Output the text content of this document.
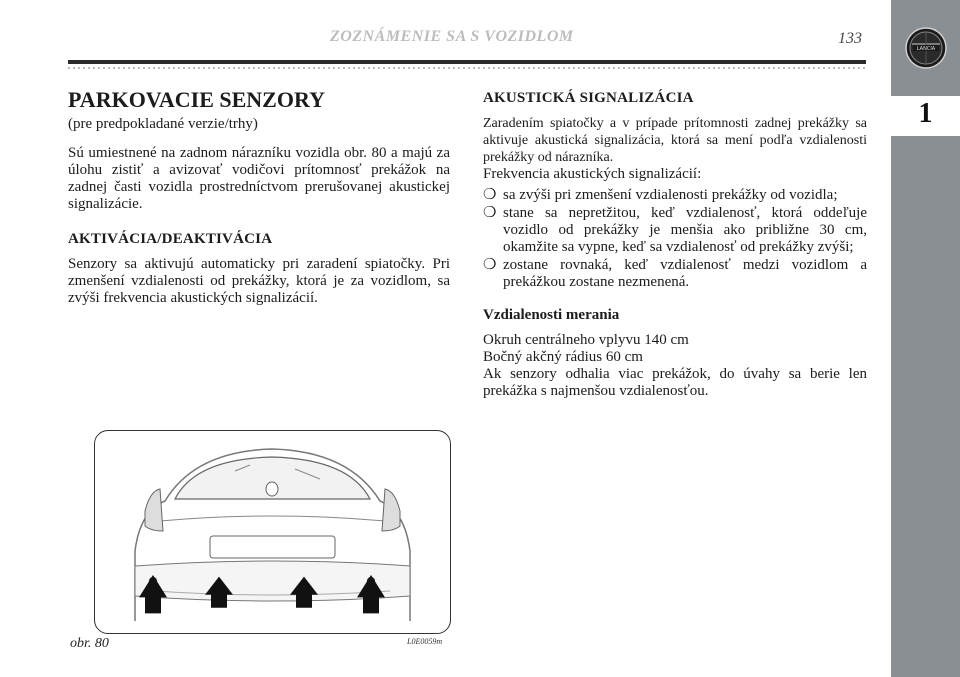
1
LANCIA
ZOZNÁMENIE SA S VOZIDLOM	133
PARKOVACIE SENZORY

(pre predpokladané verzie/trhy)

Sú umiestnené na zadnom nárazníku vozidla obr. 80 a majú za úlohu zistiť a avizovať vodičovi prítomnosť prekážok na zadnej časti vozidla prostredníctvom prerušovanej akustickej signalizácie.

AKTIVÁCIA/DEAKTIVÁCIA

Senzory sa aktivujú automaticky pri zaradení spiatočky. Pri zmenšení vzdialenosti od prekážky, ktorá je za vozidlom, sa zvýši frekvencia akustických signalizácií.

AKUSTICKÁ SIGNALIZÁCIA

Zaradením spiatočky a v prípade prítomnosti zadnej prekážky sa aktivuje akustická signalizácia, ktorá sa mení podľa vzdialenosti prekážky od nárazníka.

Frekvencia akustických signalizácií:

❍ sa zvýši pri zmenšení vzdialenosti prekážky od vozidla;
❍ stane sa nepretžitou, keď vzdialenosť, ktorá oddeľuje vozidlo od prekážky je menšia ako približne 30 cm, okamžite sa vypne, keď sa vzdialenosť od prekážky zvýši;
❍ zostane rovnaká, keď vzdialenosť medzi vozidlom a prekážkou zostane nezmenená.
Vzdialenosti merania

Okruh centrálneho vplyvu 140 cm

Bočný akčný rádius 60 cm

Ak senzory odhalia viac prekážok, do úvahy sa berie len prekážka s najmenšou vzdialenosťou.

obr. 80	L0E0059m
